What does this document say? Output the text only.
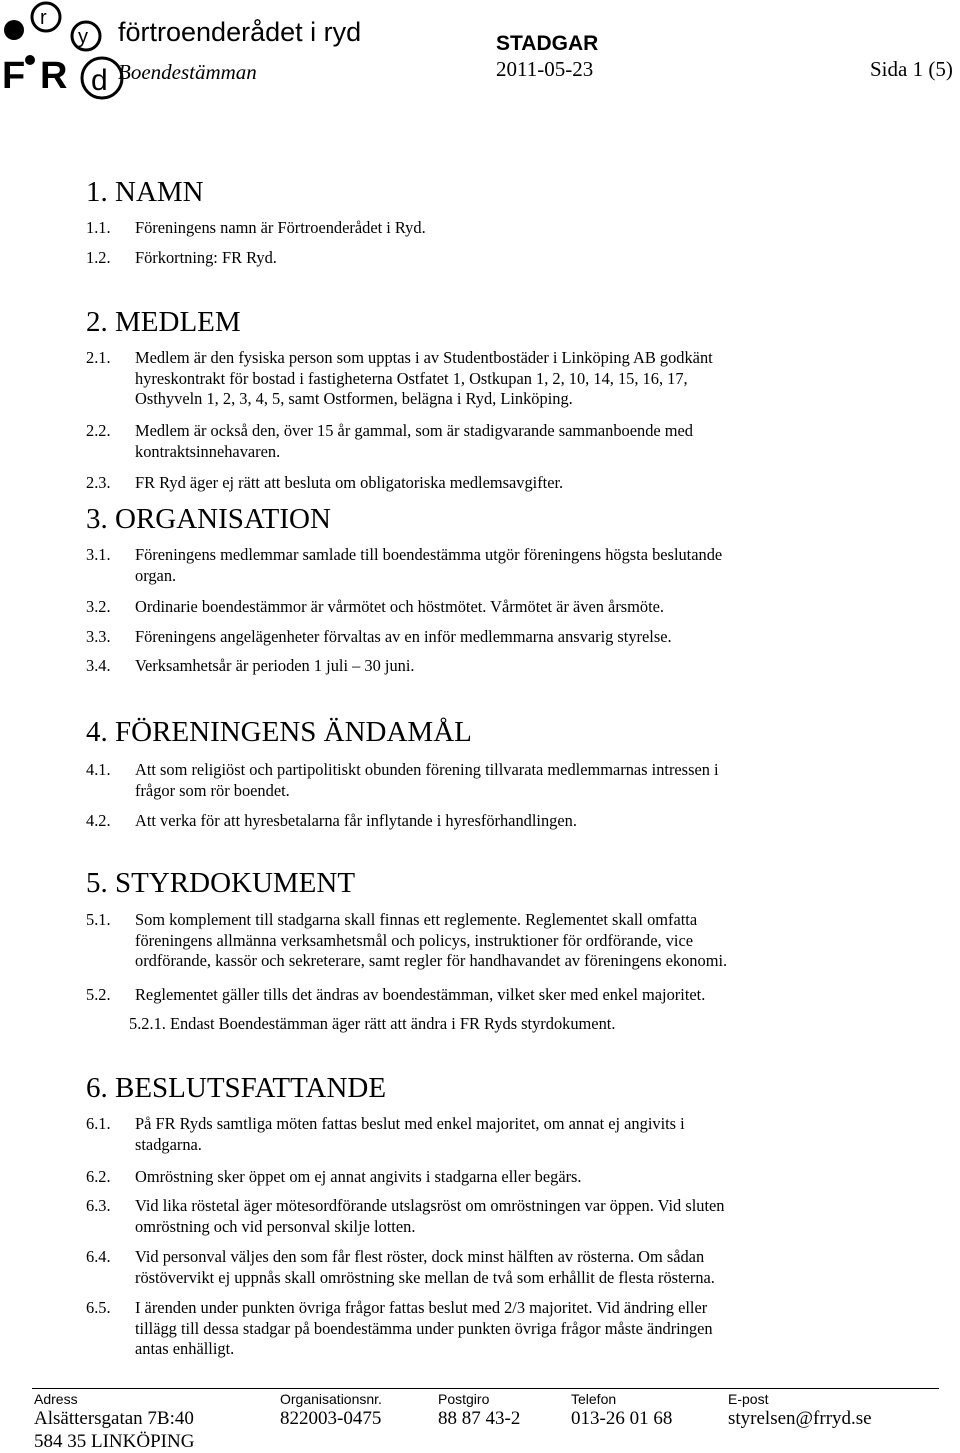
r
y
F R d
förtroenderådet i ryd
Boendestämman
STADGAR
2011-05-23	Sida 1 (5)
1. NAMN
1.1. Föreningens namn är Förtroenderådet i Ryd.
1.2. Förkortning: FR Ryd.
2. MEDLEM
2.1. Medlem är den fysiska person som upptas i av Studentbostäder i Linköping AB godkänt
hyreskontrakt för bostad i fastigheterna Ostfatet 1, Ostkupan 1, 2, 10, 14, 15, 16, 17,
Osthyveln 1, 2, 3, 4, 5, samt Ostformen, belägna i Ryd, Linköping.
2.2. Medlem är också den, över 15 år gammal, som är stadigvarande sammanboende med
kontraktsinnehavaren.
2.3. FR Ryd äger ej rätt att besluta om obligatoriska medlemsavgifter.
3. ORGANISATION
3.1. Föreningens medlemmar samlade till boendestämma utgör föreningens högsta beslutande
organ.
3.2. Ordinarie boendestämmor är vårmötet och höstmötet. Vårmötet är även årsmöte.
3.3. Föreningens angelägenheter förvaltas av en inför medlemmarna ansvarig styrelse.
3.4. Verksamhetsår är perioden 1 juli – 30 juni.
4. FÖRENINGENS ÄNDAMÅL
4.1. Att som religiöst och partipolitiskt obunden förening tillvarata medlemmarnas intressen i
frågor som rör boendet.
4.2. Att verka för att hyresbetalarna får inflytande i hyresförhandlingen.
5. STYRDOKUMENT
5.1. Som komplement till stadgarna skall finnas ett reglemente. Reglementet skall omfatta
föreningens allmänna verksamhetsmål och policys, instruktioner för ordförande, vice
ordförande, kassör och sekreterare, samt regler för handhavandet av föreningens ekonomi.
5.2. Reglementet gäller tills det ändras av boendestämman, vilket sker med enkel majoritet.
5.2.1. Endast Boendestämman äger rätt att ändra i FR Ryds styrdokument.
6. BESLUTSFATTANDE
6.1. På FR Ryds samtliga möten fattas beslut med enkel majoritet, om annat ej angivits i
stadgarna.
6.2. Omröstning sker öppet om ej annat angivits i stadgarna eller begärs.
6.3. Vid lika röstetal äger mötesordförande utslagsröst om omröstningen var öppen. Vid sluten
omröstning och vid personval skilje lotten.
6.4. Vid personval väljes den som får flest röster, dock minst hälften av rösterna. Om sådan
röstövervikt ej uppnås skall omröstning ske mellan de två som erhållit de flesta rösterna.
6.5. I ärenden under punkten övriga frågor fattas beslut med 2/3 majoritet. Vid ändring eller
tillägg till dessa stadgar på boendestämma under punkten övriga frågor måste ändringen
antas enhälligt.
Adress	Organisationsnr.	Postgiro	Telefon	E-post
Alsättersgatan 7B:40
584 35 LINKÖPING
822003-0475	88 87 43-2	013-26 01 68	styrelsen@frryd.se
